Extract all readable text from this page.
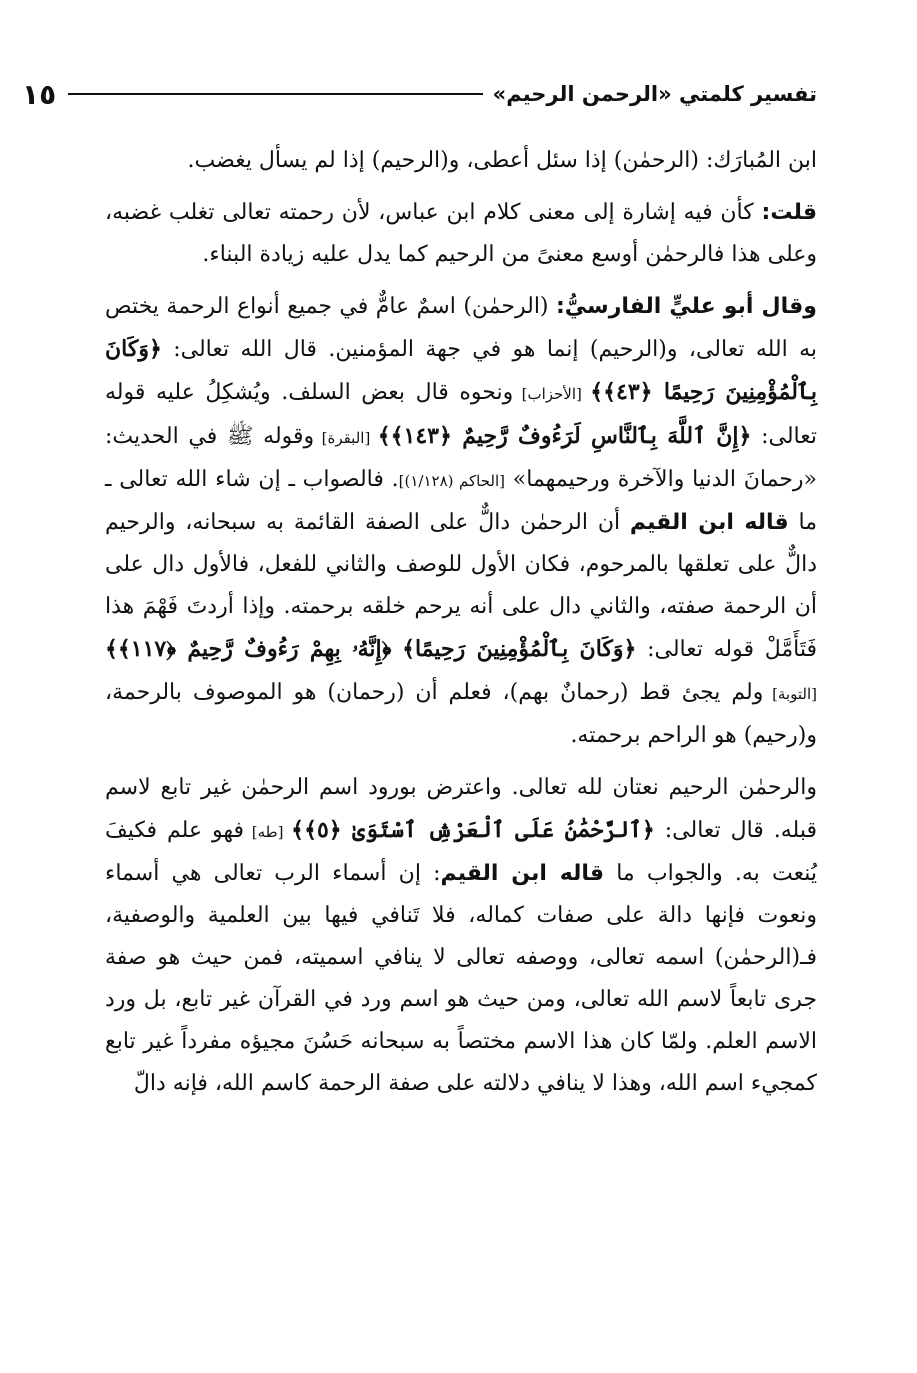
تفسير كلمتي «الرحمن الرحيم»
١٥

ابن المُبارَك: (الرحمٰن) إذا سئل أعطى، و(الرحيم) إذا لم يسأل يغضب.

قلت: كأن فيه إشارة إلى معنى كلام ابن عباس، لأن رحمته تعالى تغلب غضبه، وعلى هذا فالرحمٰن أوسع معنىً من الرحيم كما يدل عليه زيادة البناء.

وقال أبو عليٍّ الفارسيُّ: (الرحمٰن) اسمٌ عامٌّ في جميع أنواع الرحمة يختص به الله تعالى، و(الرحيم) إنما هو في جهة المؤمنين. قال الله تعالى: ﴿وَكَانَ بِٱلْمُؤْمِنِينَ رَحِيمًا ﴿٤٣﴾﴾ [الأحزاب] ونحوه قال بعض السلف. ويُشكِلُ عليه قوله تعالى: ﴿إِنَّ ٱللَّهَ بِٱلنَّاسِ لَرَءُوفٌ رَّحِيمٌ ﴿١٤٣﴾﴾ [البقرة] وقوله ﷺ في الحديث: «رحمانَ الدنيا والآخرة ورحيمهما» [الحاكم (١/١٢٨)]. فالصواب ـ إن شاء الله تعالى ـ ما قاله ابن القيم أن الرحمٰن دالٌّ على الصفة القائمة به سبحانه، والرحيم دالٌّ على تعلقها بالمرحوم، فكان الأول للوصف والثاني للفعل، فالأول دال على أن الرحمة صفته، والثاني دال على أنه يرحم خلقه برحمته. وإذا أردتَ فَهْمَ هذا فَتَأَمَّلْ قوله تعالى: ﴿وَكَانَ بِٱلْمُؤْمِنِينَ رَحِيمًا﴾ ﴿إِنَّهُۥ بِهِمْ رَءُوفٌ رَّحِيمٌ ﴿١١٧﴾﴾ [التوبة] ولم يجئ قط (رحمانٌ بهم)، فعلم أن (رحمان) هو الموصوف بالرحمة، و(رحيم) هو الراحم برحمته.

والرحمٰن الرحيم نعتان لله تعالى. واعترض بورود اسم الرحمٰن غير تابع لاسم قبله. قال تعالى: ﴿ٱلرَّحْمَٰنُ عَلَى ٱلْعَرْشِ ٱسْتَوَىٰ ﴿٥﴾﴾ [طه] فهو علم فكيفَ يُنعت به. والجواب ما قاله ابن القيم: إن أسماء الرب تعالى هي أسماء ونعوت فإنها دالة على صفات كماله، فلا تَنافي فيها بين العلمية والوصفية، فـ(الرحمٰن) اسمه تعالى، ووصفه تعالى لا ينافي اسميته، فمن حيث هو صفة جرى تابعاً لاسم الله تعالى، ومن حيث هو اسم ورد في القرآن غير تابع، بل ورد الاسم العلم. ولمّا كان هذا الاسم مختصاً به سبحانه حَسُنَ مجيؤه مفرداً غير تابع كمجيء اسم الله، وهذا لا ينافي دلالته على صفة الرحمة كاسم الله، فإنه دالّ
